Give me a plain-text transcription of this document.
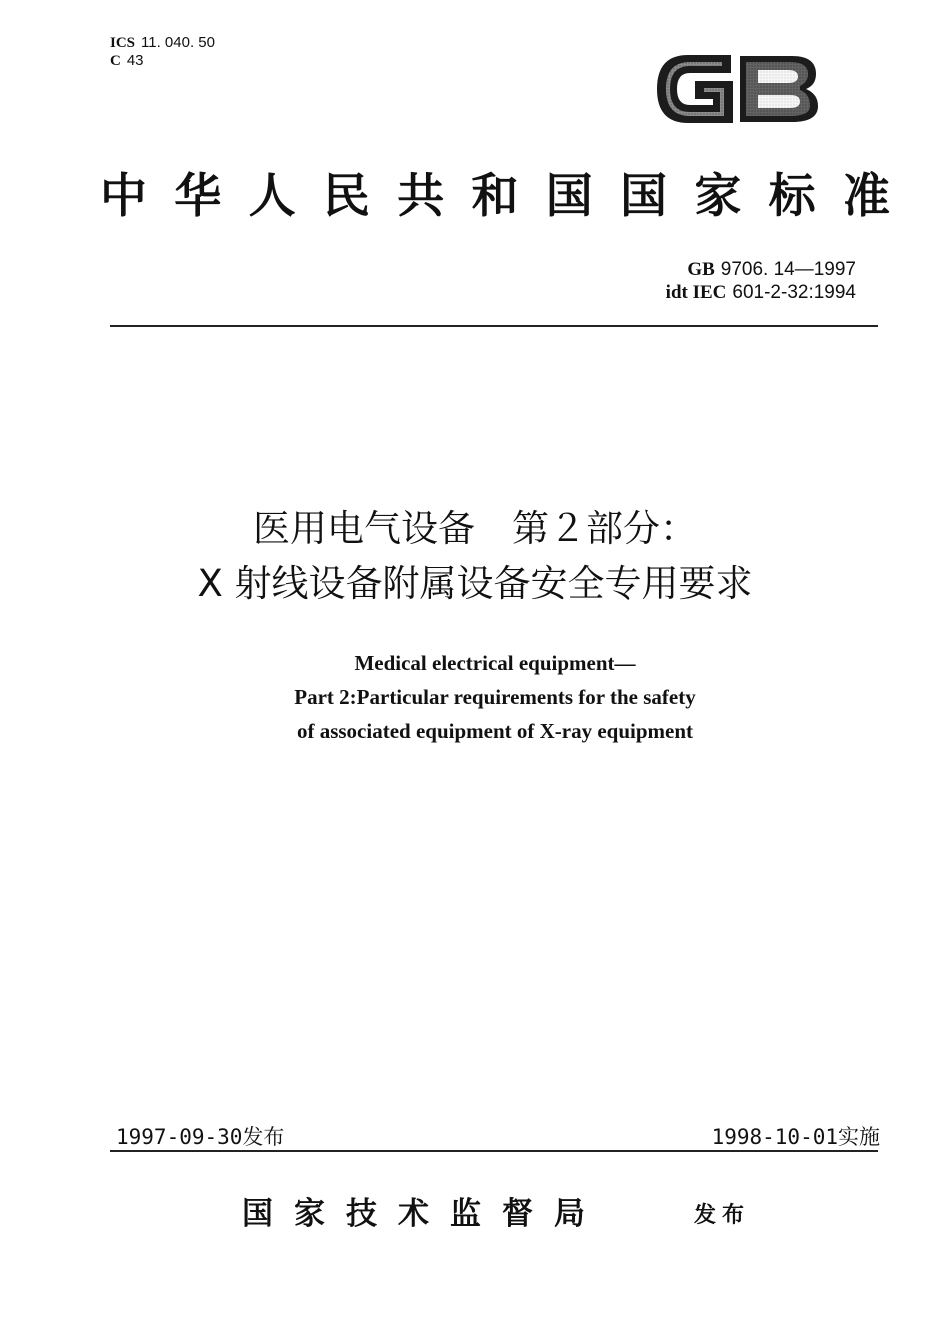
ICS 11. 040. 50
C 43
中 华 人 民 共 和 国 国 家 标 准
GB 9706. 14—1997
idt IEC 601-2-32:1994
医用电气设备　第２部分：
X 射线设备附属设备安全专用要求
Medical electrical equipment—
Part 2:Particular requirements for the safety
of associated equipment of X-ray equipment
1997-09-30发布	1998-10-01实施
国家技术监督局	发布
